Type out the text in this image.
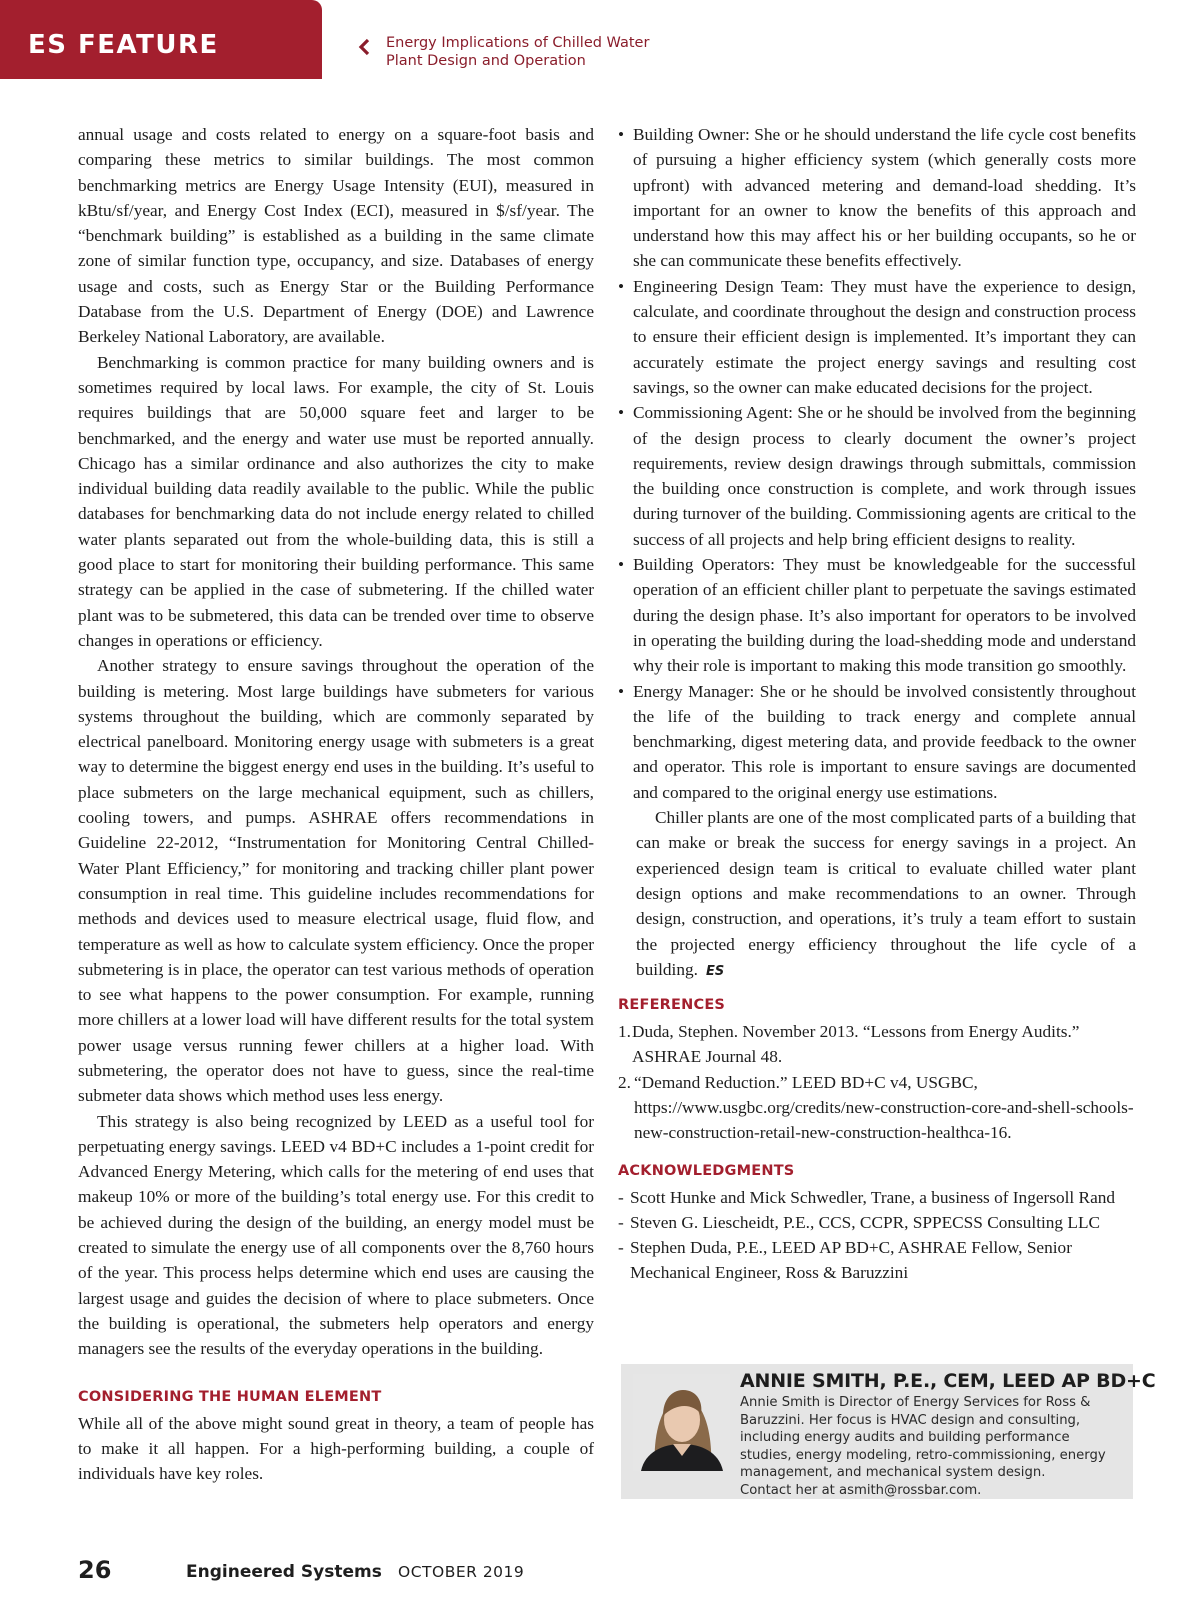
ES FEATURE	Energy Implications of Chilled Water Plant Design and Operation

annual usage and costs related to energy on a square-foot basis and comparing these metrics to similar buildings. The most common benchmarking metrics are Energy Usage Intensity (EUI), measured in kBtu/sf/year, and Energy Cost Index (ECI), measured in $/sf/year. The “benchmark building” is established as a building in the same climate zone of similar function type, occupancy, and size. Databases of energy usage and costs, such as Energy Star or the Building Performance Database from the U.S. Department of Energy (DOE) and Lawrence Berkeley National Laboratory, are available.

Benchmarking is common practice for many building owners and is sometimes required by local laws. For example, the city of St. Louis requires buildings that are 50,000 square feet and larger to be benchmarked, and the energy and water use must be reported annually. Chicago has a similar ordinance and also authorizes the city to make individual building data readily available to the public. While the public databases for benchmarking data do not include energy related to chilled water plants separated out from the whole-building data, this is still a good place to start for monitoring their building performance. This same strategy can be applied in the case of submetering. If the chilled water plant was to be submetered, this data can be trended over time to observe changes in operations or efficiency.

Another strategy to ensure savings throughout the operation of the building is metering. Most large buildings have submeters for various systems throughout the building, which are commonly separated by electrical panelboard. Monitoring energy usage with submeters is a great way to determine the biggest energy end uses in the building. It’s useful to place submeters on the large mechanical equipment, such as chillers, cooling towers, and pumps. ASHRAE offers recommendations in Guideline 22-2012, “Instrumentation for Monitoring Central Chilled-Water Plant Efficiency,” for monitoring and tracking chiller plant power consumption in real time. This guideline includes recommendations for methods and devices used to measure electrical usage, fluid flow, and temperature as well as how to calculate system efficiency. Once the proper submetering is in place, the operator can test various methods of operation to see what happens to the power consumption. For example, running more chillers at a lower load will have different results for the total system power usage versus running fewer chillers at a higher load. With submetering, the operator does not have to guess, since the real-time submeter data shows which method uses less energy.

This strategy is also being recognized by LEED as a useful tool for perpetuating energy savings. LEED v4 BD+C includes a 1-point credit for Advanced Energy Metering, which calls for the metering of end uses that makeup 10% or more of the building’s total energy use. For this credit to be achieved during the design of the building, an energy model must be created to simulate the energy use of all components over the 8,760 hours of the year. This process helps determine which end uses are causing the largest usage and guides the decision of where to place submeters. Once the building is operational, the submeters help operators and energy managers see the results of the everyday operations in the building.

CONSIDERING THE HUMAN ELEMENT

While all of the above might sound great in theory, a team of people has to make it all happen. For a high-performing building, a couple of individuals have key roles.

• Building Owner: She or he should understand the life cycle cost benefits of pursuing a higher efficiency system (which generally costs more upfront) with advanced metering and demand-load shedding. It’s important for an owner to know the benefits of this approach and understand how this may affect his or her building occupants, so he or she can communicate these benefits effectively.
• Engineering Design Team: They must have the experience to design, calculate, and coordinate throughout the design and construction process to ensure their efficient design is implemented. It’s important they can accurately estimate the project energy savings and resulting cost savings, so the owner can make educated decisions for the project.
• Commissioning Agent: She or he should be involved from the beginning of the design process to clearly document the owner’s project requirements, review design drawings through submittals, commission the building once construction is complete, and work through issues during turnover of the building. Commissioning agents are critical to the success of all projects and help bring efficient designs to reality.
• Building Operators: They must be knowledgeable for the successful operation of an efficient chiller plant to perpetuate the savings estimated during the design phase. It’s also important for operators to be involved in operating the building during the load-shedding mode and understand why their role is important to making this mode transition go smoothly.
• Energy Manager: She or he should be involved consistently throughout the life of the building to track energy and complete annual benchmarking, digest metering data, and provide feedback to the owner and operator. This role is important to ensure savings are documented and compared to the original energy use estimations.

Chiller plants are one of the most complicated parts of a building that can make or break the success for energy savings in a project. An experienced design team is critical to evaluate chilled water plant design options and make recommendations to an owner. Through design, construction, and operations, it’s truly a team effort to sustain the projected energy efficiency throughout the life cycle of a building. ES

REFERENCES
1. Duda, Stephen. November 2013. “Lessons from Energy Audits.” ASHRAE Journal 48.
2. “Demand Reduction.” LEED BD+C v4, USGBC, https://www.usgbc.org/credits/new-construction-core-and-shell-schools-new-construction-retail-new-construction-healthca-16.
ACKNOWLEDGMENTS
- Scott Hunke and Mick Schwedler, Trane, a business of Ingersoll Rand
- Steven G. Liescheidt, P.E., CCS, CCPR, SPPECSS Consulting LLC
- Stephen Duda, P.E., LEED AP BD+C, ASHRAE Fellow, Senior Mechanical Engineer, Ross & Baruzzini
ANNIE SMITH, P.E., CEM, LEED AP BD+C
Annie Smith is Director of Energy Services for Ross & Baruzzini. Her focus is HVAC design and consulting, including energy audits and building performance studies, energy modeling, retro-commissioning, energy management, and mechanical system design.
Contact her at asmith@rossbar.com.
26	Engineered Systems OCTOBER 2019
